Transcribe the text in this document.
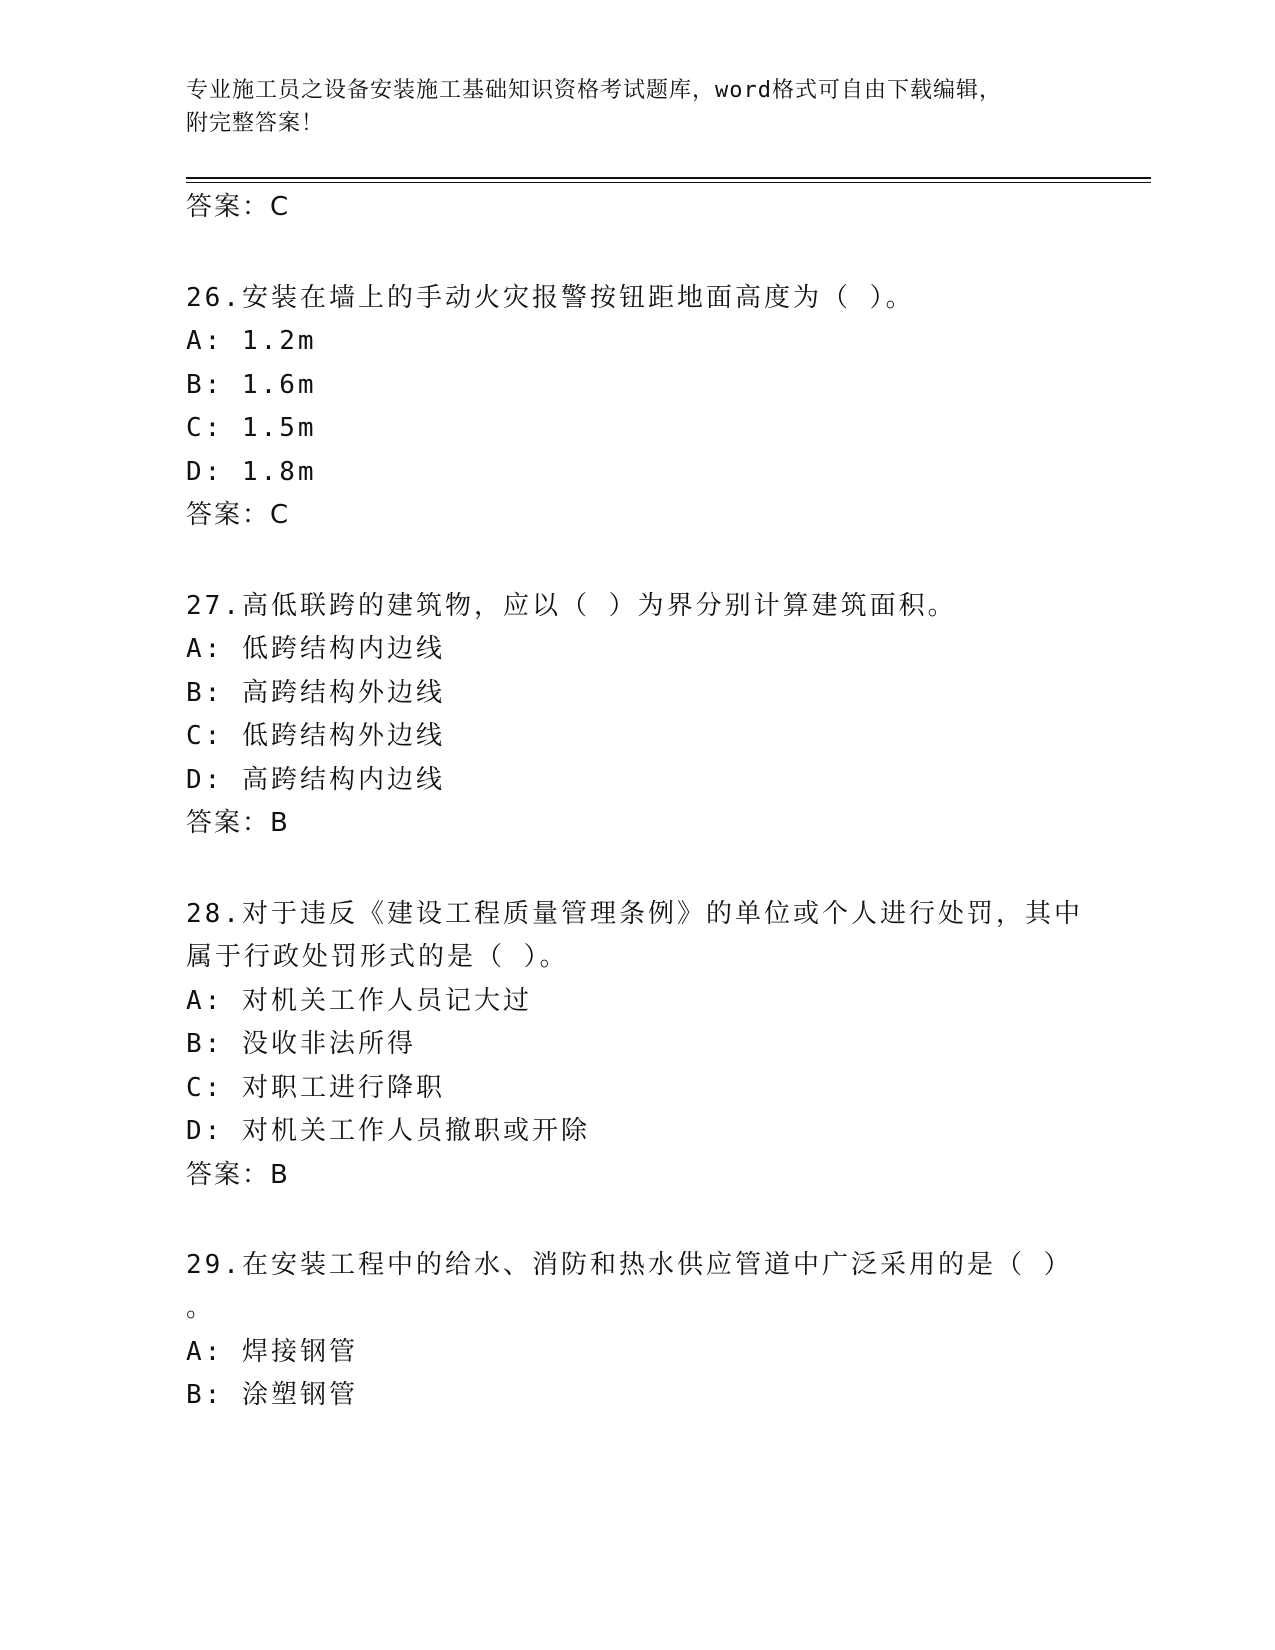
专业施工员之设备安装施工基础知识资格考试题库，word格式可自由下载编辑，
附完整答案！
答案：C
26.安装在墙上的手动火灾报警按钮距地面高度为（ ）。
A: 1.2m
B: 1.6m
C: 1.5m
D: 1.8m
答案：C
27.高低联跨的建筑物，应以（ ）为界分别计算建筑面积。
A: 低跨结构内边线
B: 高跨结构外边线
C: 低跨结构外边线
D: 高跨结构内边线
答案：B
28.对于违反《建设工程质量管理条例》的单位或个人进行处罚，其中
属于行政处罚形式的是（ ）。
A: 对机关工作人员记大过
B: 没收非法所得
C: 对职工进行降职
D: 对机关工作人员撤职或开除
答案：B
29.在安装工程中的给水、消防和热水供应管道中广泛采用的是（ ）
。
A: 焊接钢管
B: 涂塑钢管
